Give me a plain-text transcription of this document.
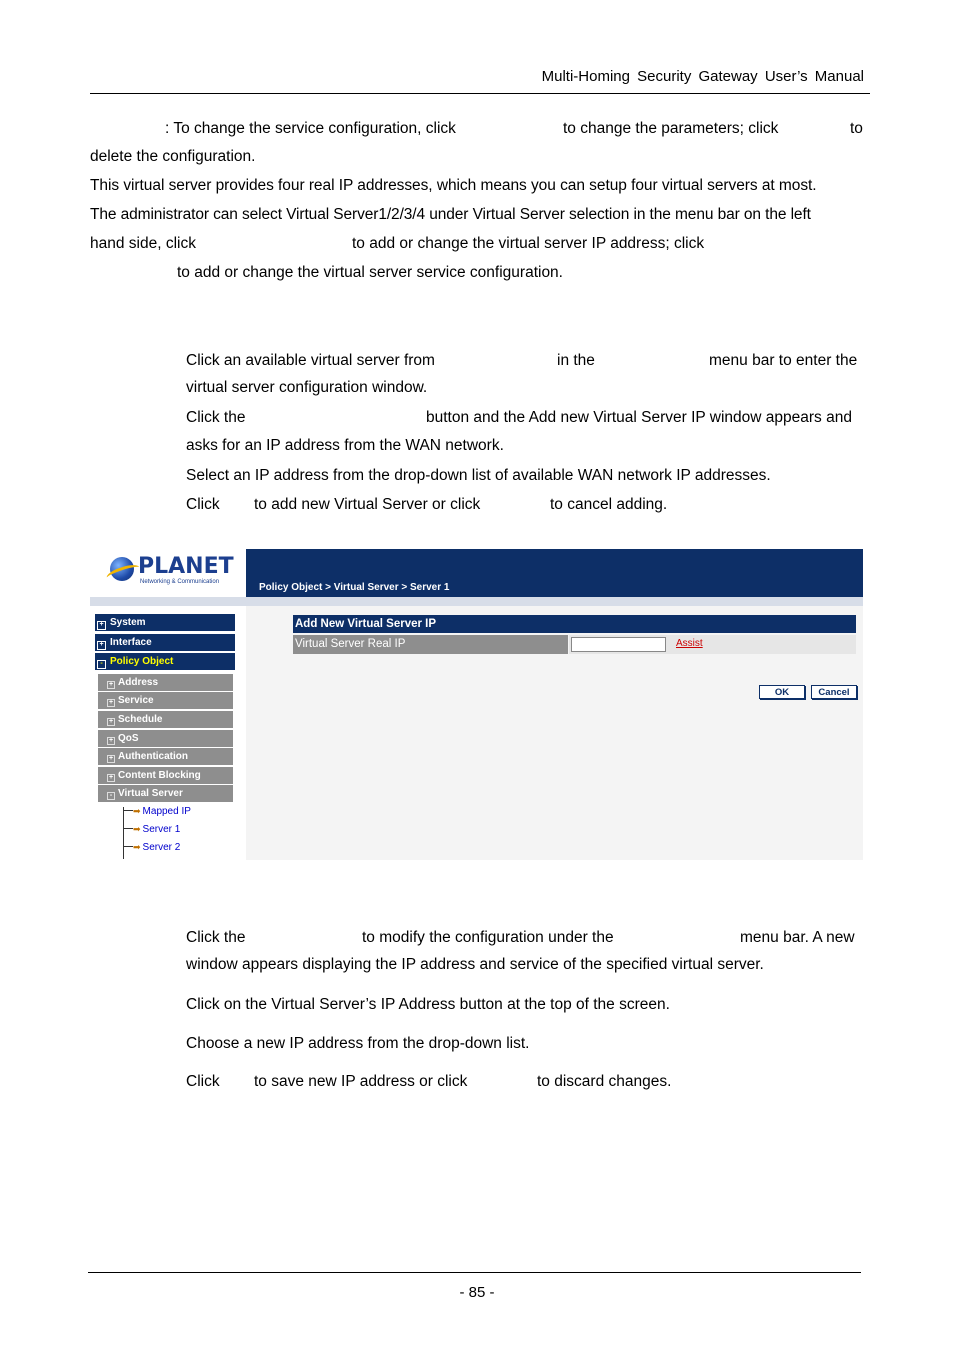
Multi-Homing Security Gateway User’s Manual
: To change the service configuration, click	to change the parameters; click	to
delete the configuration.
This virtual server provides four real IP addresses, which means you can setup four virtual servers at most.
The administrator can select Virtual Server1/2/3/4 under Virtual Server selection in the menu bar on the left
hand side, click	to add or change the virtual server IP address; click
to add or change the virtual server service configuration.
Click an available virtual server from	in the	menu bar to enter the
virtual server configuration window.
Click the	button and the Add new Virtual Server IP window appears and
asks for an IP address from the WAN network.
Select an IP address from the drop-down list of available WAN network IP addresses.
Click to add new Virtual Server or click	to cancel adding.
PLANET
Networking & Communication	Policy Object > Virtual Server > Server 1
+ System
+ Interface
- Policy Object
+ Address
+ Service
+ Schedule
+ QoS
+ Authentication
+ Content Blocking
- Virtual Server
➡ Mapped IP
➡ Server 1
➡ Server 2
Add New Virtual Server IP
Virtual Server Real IP	Assist
OK	Cancel
Click the	to modify the configuration under the	menu bar. A new
window appears displaying the IP address and service of the specified virtual server.
Click on the Virtual Server’s IP Address button at the top of the screen.
Choose a new IP address from the drop-down list.
Click to save new IP address or click	to discard changes.
- 85 -
